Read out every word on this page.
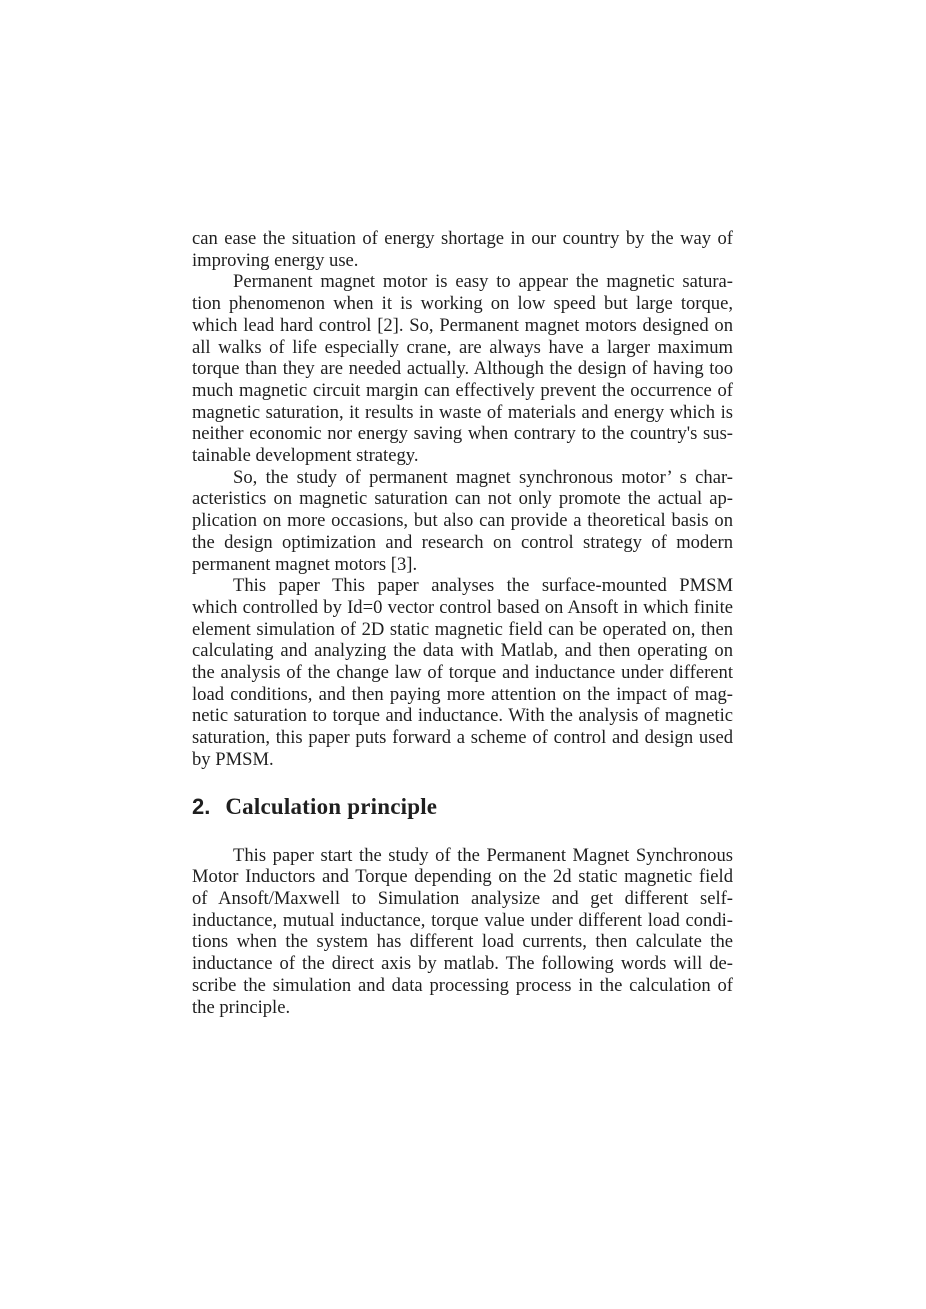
can ease the situation of energy shortage in our country by the way of
improving energy use.
Permanent magnet motor is easy to appear the magnetic satura-
tion phenomenon when it is working on low speed but large torque,
which lead hard control [2]. So, Permanent magnet motors designed on
all walks of life especially crane, are always have a larger maximum
torque than they are needed actually. Although the design of having too
much magnetic circuit margin can effectively prevent the occurrence of
magnetic saturation, it results in waste of materials and energy which is
neither economic nor energy saving when contrary to the country's sus-
tainable development strategy.
So, the study of permanent magnet synchronous motor’ s char-
acteristics on magnetic saturation can not only promote the actual ap-
plication on more occasions, but also can provide a theoretical basis on
the design optimization and research on control strategy of modern
permanent magnet motors [3].
This paper This paper analyses the surface-mounted PMSM
which controlled by Id=0 vector control based on Ansoft in which finite
element simulation of 2D static magnetic field can be operated on, then
calculating and analyzing the data with Matlab, and then operating on
the analysis of the change law of torque and inductance under different
load conditions, and then paying more attention on the impact of mag-
netic saturation to torque and inductance. With the analysis of magnetic
saturation, this paper puts forward a scheme of control and design used
by PMSM.
2. Calculation principle
This paper start the study of the Permanent Magnet Synchronous
Motor Inductors and Torque depending on the 2d static magnetic field
of Ansoft/Maxwell to Simulation analysize and get different self-
inductance, mutual inductance, torque value under different load condi-
tions when the system has different load currents, then calculate the
inductance of the direct axis by matlab. The following words will de-
scribe the simulation and data processing process in the calculation of
the principle.
